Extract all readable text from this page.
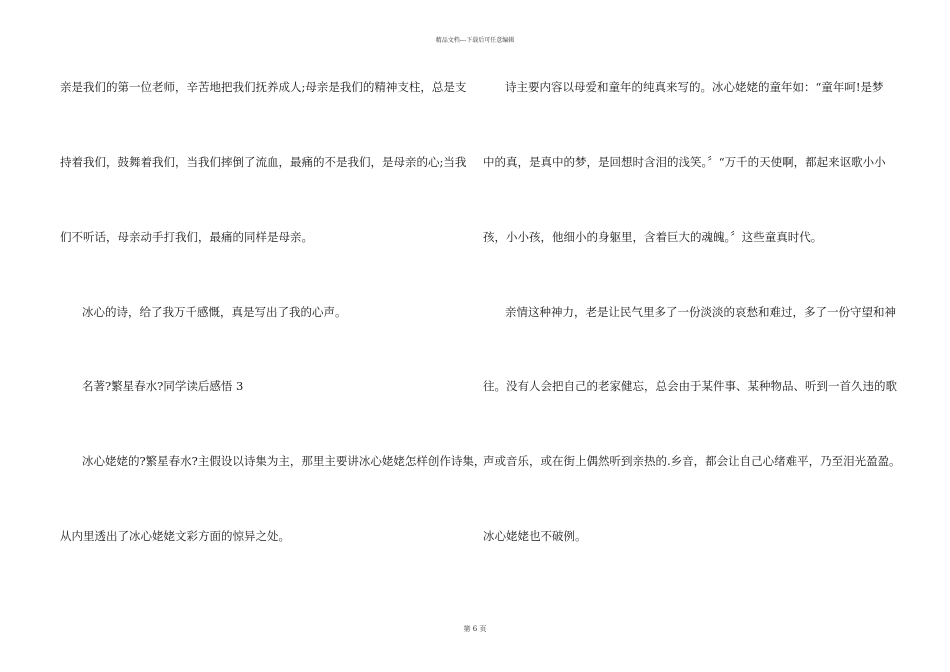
精品文档---下载后可任意编辑
亲是我们的第一位老师，辛苦地把我们抚养成人;母亲是我们的精神支柱，总是支
持着我们，鼓舞着我们，当我们摔倒了流血，最痛的不是我们，是母亲的心;当我
们不听话，母亲动手打我们，最痛的同样是母亲。
冰心的诗，给了我万千感慨，真是写出了我的心声。
名著?繁星春水?同学读后感悟 3
冰心姥姥的?繁星春水?主假设以诗集为主，那里主要讲冰心姥姥怎样创作诗集，
从内里透出了冰心姥姥文彩方面的惊异之处。
诗主要内容以母爱和童年的纯真来写的。冰心姥姥的童年如：“童年呵!是梦
中的真，是真中的梦，是回想时含泪的浅笑。〞“万千的天使啊，都起来讴歌小小
孩，小小孩，他细小的身躯里，含着巨大的魂魄。〞这些童真时代。
亲情这种神力，老是让民气里多了一份淡淡的哀愁和难过，多了一份守望和神
往。没有人会把自己的老家健忘，总会由于某件事、某种物品、听到一首久违的歌
声或音乐，或在街上偶然听到亲热的.乡音，都会让自己心绪难平，乃至泪光盈盈。
冰心姥姥也不破例。
第 6 页
